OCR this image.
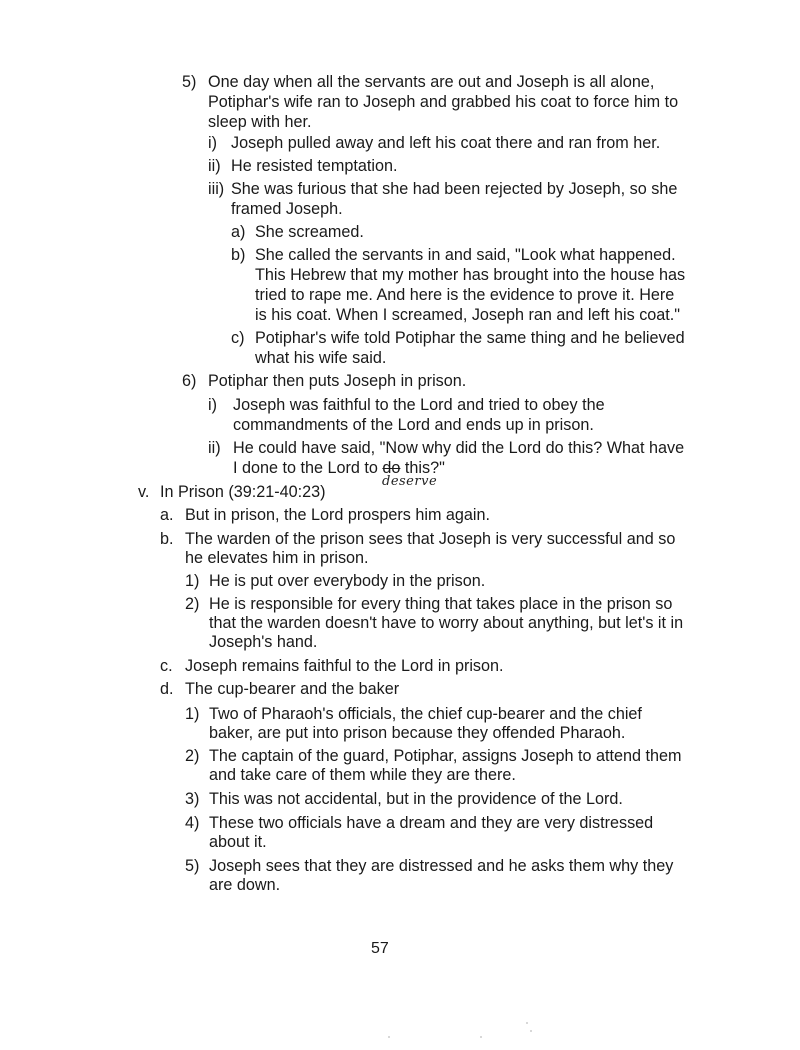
5) One day when all the servants are out and Joseph is all alone,
Potiphar's wife ran to Joseph and grabbed his coat to force him to
sleep with her.
i) Joseph pulled away and left his coat there and ran from her.
ii) He resisted temptation.
iii) She was furious that she had been rejected by Joseph, so she
framed Joseph.
a) She screamed.
b) She called the servants in and said, "Look what happened.
This Hebrew that my mother has brought into the house has
tried to rape me. And here is the evidence to prove it. Here
is his coat. When I screamed, Joseph ran and left his coat."
c) Potiphar's wife told Potiphar the same thing and he believed
what his wife said.
6) Potiphar then puts Joseph in prison.
i) Joseph was faithful to the Lord and tried to obey the
commandments of the Lord and ends up in prison.
ii) He could have said, "Now why did the Lord do this? What have
I done to the Lord to do this?"
deserve
v. In Prison (39:21-40:23)
a. But in prison, the Lord prospers him again.
b. The warden of the prison sees that Joseph is very successful and so
he elevates him in prison.
1) He is put over everybody in the prison.
2) He is responsible for every thing that takes place in the prison so
that the warden doesn't have to worry about anything, but let's it in
Joseph's hand.
c. Joseph remains faithful to the Lord in prison.
d. The cup-bearer and the baker
1) Two of Pharaoh's officials, the chief cup-bearer and the chief
baker, are put into prison because they offended Pharaoh.
2) The captain of the guard, Potiphar, assigns Joseph to attend them
and take care of them while they are there.
3) This was not accidental, but in the providence of the Lord.
4) These two officials have a dream and they are very distressed
about it.
5) Joseph sees that they are distressed and he asks them why they
are down.
57
